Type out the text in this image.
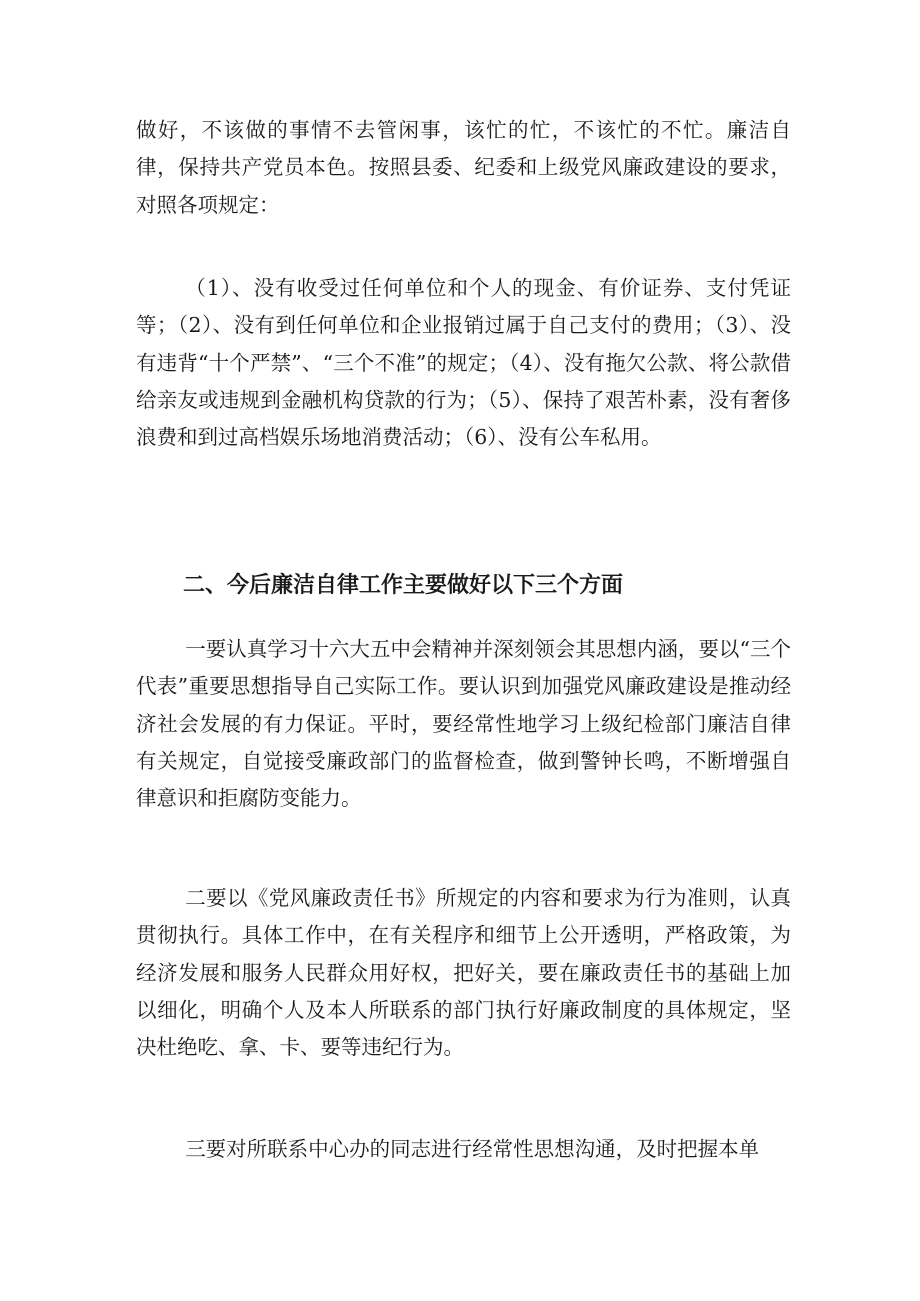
做好，不该做的事情不去管闲事，该忙的忙，不该忙的不忙。廉洁自律，保持共产党员本色。按照县委、纪委和上级党风廉政建设的要求，对照各项规定：

（1）、没有收受过任何单位和个人的现金、有价证券、支付凭证等；（2）、没有到任何单位和企业报销过属于自己支付的费用；（3）、没有违背“十个严禁”、“三个不准”的规定；（4）、没有拖欠公款、将公款借给亲友或违规到金融机构贷款的行为；（5）、保持了艰苦朴素，没有奢侈浪费和到过高档娱乐场地消费活动；（6）、没有公车私用。

二、今后廉洁自律工作主要做好以下三个方面

一要认真学习十六大五中会精神并深刻领会其思想内涵，要以“三个代表”重要思想指导自己实际工作。要认识到加强党风廉政建设是推动经济社会发展的有力保证。平时，要经常性地学习上级纪检部门廉洁自律有关规定，自觉接受廉政部门的监督检查，做到警钟长鸣，不断增强自律意识和拒腐防变能力。

二要以《党风廉政责任书》所规定的内容和要求为行为准则，认真贯彻执行。具体工作中，在有关程序和细节上公开透明，严格政策，为经济发展和服务人民群众用好权，把好关，要在廉政责任书的基础上加以细化，明确个人及本人所联系的部门执行好廉政制度的具体规定，坚决杜绝吃、拿、卡、要等违纪行为。

三要对所联系中心办的同志进行经常性思想沟通，及时把握本单
